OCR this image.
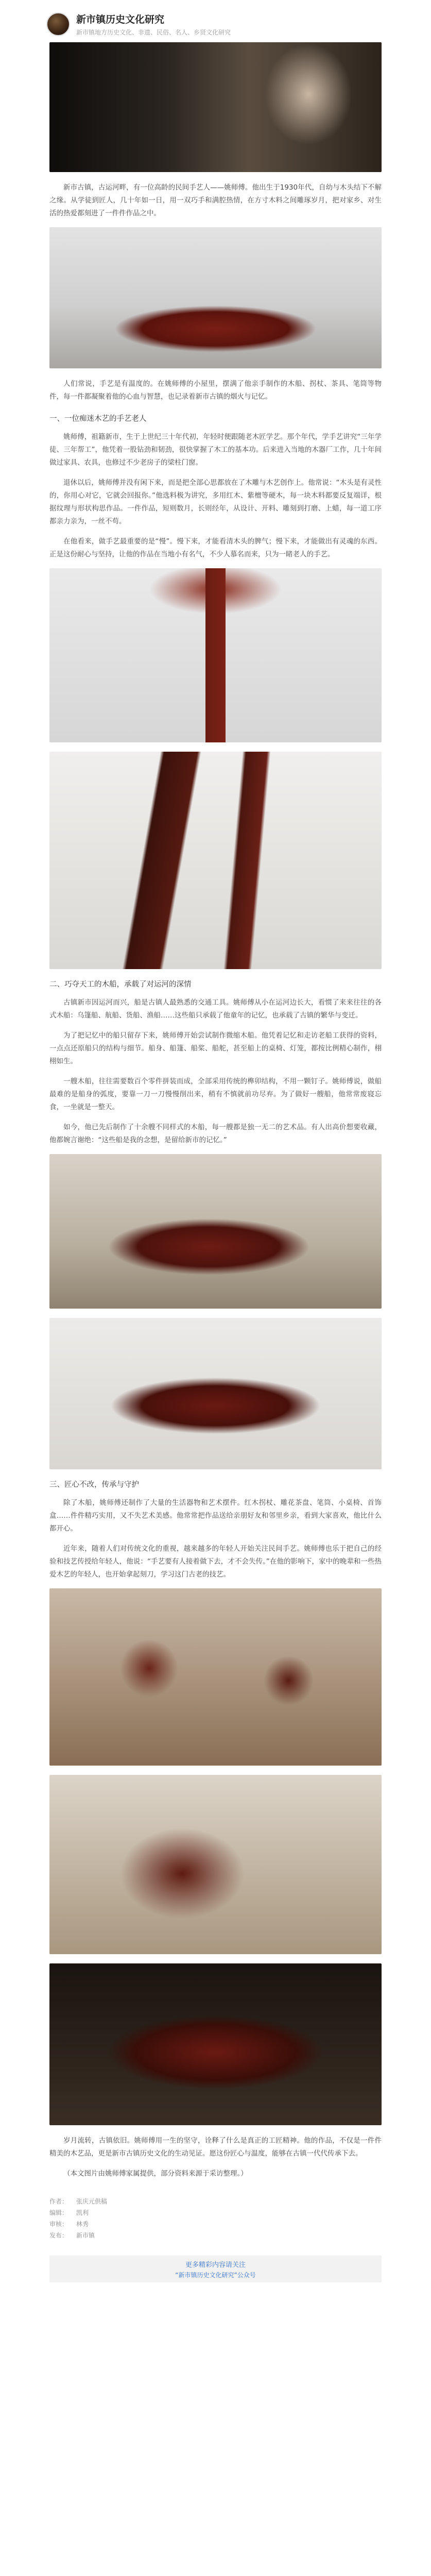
新市镇历史文化研究
新市镇地方历史文化、非遗、民俗、名人、乡贤文化研究

新市古镇，古运河畔，有一位高龄的民间手艺人——姚师傅。他出生于1930年代，自幼与木头结下不解之缘。从学徒到匠人，几十年如一日，用一双巧手和满腔热情，在方寸木料之间雕琢岁月，把对家乡、对生活的热爱都刻进了一件件作品之中。

人们常说，手艺是有温度的。在姚师傅的小屋里，摆满了他亲手制作的木船、拐杖、茶具、笔筒等物件，每一件都凝聚着他的心血与智慧，也记录着新市古镇的烟火与记忆。

一、一位痴迷木艺的手艺老人

姚师傅，祖籍新市，生于上世纪三十年代初，年轻时便跟随老木匠学艺。那个年代，学手艺讲究“三年学徒、三年帮工”，他凭着一股钻劲和韧劲，很快掌握了木工的基本功。后来进入当地的木器厂工作，几十年间做过家具、农具，也修过不少老房子的梁柱门窗。

退休以后，姚师傅并没有闲下来，而是把全部心思都放在了木雕与木艺创作上。他常说：“木头是有灵性的，你用心对它，它就会回报你。”他选料极为讲究，多用红木、紫檀等硬木，每一块木料都要反复端详，根据纹理与形状构思作品。一件作品，短则数月，长则经年，从设计、开料、雕刻到打磨、上蜡，每一道工序都亲力亲为，一丝不苟。

在他看来，做手艺最重要的是“慢”。慢下来，才能看清木头的脾气；慢下来，才能做出有灵魂的东西。正是这份耐心与坚持，让他的作品在当地小有名气，不少人慕名而来，只为一睹老人的手艺。

二、巧夺天工的木船，承载了对运河的深情

古镇新市因运河而兴，船是古镇人最熟悉的交通工具。姚师傅从小在运河边长大，看惯了来来往往的各式木船：乌篷船、航船、货船、渔船……这些船只承载了他童年的记忆，也承载了古镇的繁华与变迁。

为了把记忆中的船只留存下来，姚师傅开始尝试制作微缩木船。他凭着记忆和走访老船工获得的资料，一点点还原船只的结构与细节。船身、船篷、船桨、船舵，甚至船上的桌椅、灯笼，都按比例精心制作，栩栩如生。

一艘木船，往往需要数百个零件拼装而成，全部采用传统的榫卯结构，不用一颗钉子。姚师傅说，做船最难的是船身的弧度，要靠一刀一刀慢慢削出来，稍有不慎就前功尽弃。为了做好一艘船，他常常废寝忘食，一坐就是一整天。

如今，他已先后制作了十余艘不同样式的木船，每一艘都是独一无二的艺术品。有人出高价想要收藏，他都婉言谢绝：“这些船是我的念想，是留给新市的记忆。”

三、匠心不改，传承与守护

除了木船，姚师傅还制作了大量的生活器物和艺术摆件。红木拐杖、雕花茶盘、笔筒、小桌椅、首饰盒……件件精巧实用，又不失艺术美感。他常常把作品送给亲朋好友和邻里乡亲，看到大家喜欢，他比什么都开心。

近年来，随着人们对传统文化的重视，越来越多的年轻人开始关注民间手艺。姚师傅也乐于把自己的经验和技艺传授给年轻人，他说：“手艺要有人接着做下去，才不会失传。”在他的影响下，家中的晚辈和一些热爱木艺的年轻人，也开始拿起刻刀，学习这门古老的技艺。

岁月流转，古镇依旧。姚师傅用一生的坚守，诠释了什么是真正的工匠精神。他的作品，不仅是一件件精美的木艺品，更是新市古镇历史文化的生动见证。愿这份匠心与温度，能够在古镇一代代传承下去。

（本文图片由姚师傅家属提供，部分资料来源于采访整理。）

作者：	张庆元供稿
编辑：	凯利
审核：	林秀
发布：	新市镇
更多精彩内容请关注
“新市镇历史文化研究”公众号
